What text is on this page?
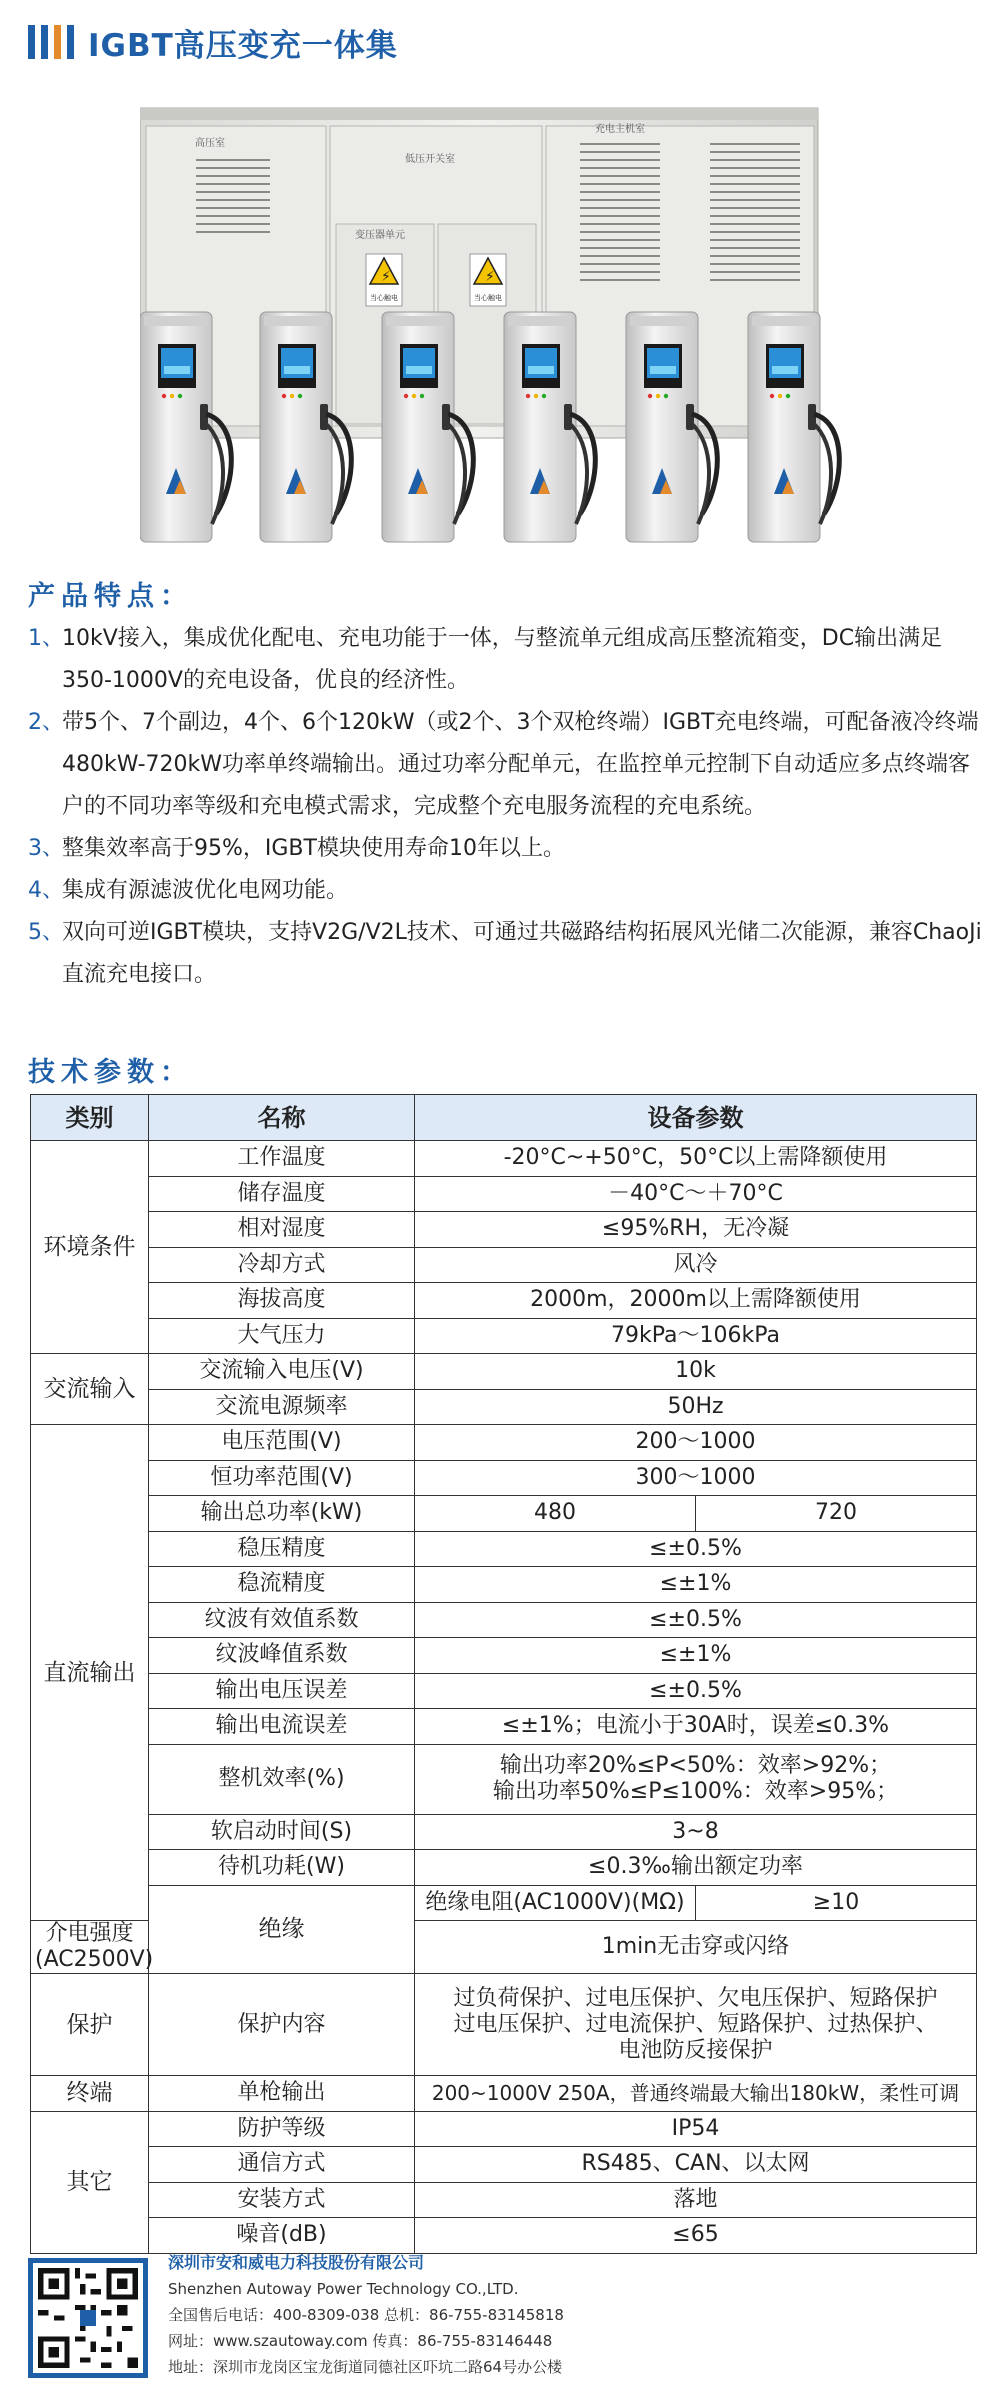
IGBT高压变充一体集
高压室
低压开关室
充电主机室
变压器单元
⚡
当心触电
⚡
当心触电
产品特点：
1、
10kV接入，集成优化配电、充电功能于一体，与整流单元组成高压整流箱变，DC输出满足350-1000V的充电设备，优良的经济性。
2、
带5个、7个副边，4个、6个120kW（或2个、3个双枪终端）IGBT充电终端，可配备液冷终端480kW-720kW功率单终端输出。通过功率分配单元，在监控单元控制下自动适应多点终端客户的不同功率等级和充电模式需求，完成整个充电服务流程的充电系统。
3、
整集效率高于95%，IGBT模块使用寿命10年以上。
4、
集成有源滤波优化电网功能。
5、
双向可逆IGBT模块，支持V2G/V2L技术、可通过共磁路结构拓展风光储二次能源，兼容ChaoJi直流充电接口。
技术参数：
类别	名称	设备参数	
环境条件	工作温度	-20°C~+50°C，50°C以上需降额使用	
	储存温度	－40°C～＋70°C	
	相对湿度	≤95%RH，无冷凝	
	冷却方式	风冷	
	海拔高度	2000m，2000m以上需降额使用	
	大气压力	79kPa～106kPa	
交流输入	交流输入电压(V)	10k	
	交流电源频率	50Hz	
直流输出	电压范围(V)	200～1000	
	恒功率范围(V)	300～1000	
	输出总功率(kW)	480	720
	稳压精度	≤±0.5%	
	稳流精度	≤±1%	
	纹波有效值系数	≤±0.5%	
	纹波峰值系数	≤±1%	
	输出电压误差	≤±0.5%	
	输出电流误差	≤±1%；电流小于30A时，误差≤0.3%	
	整机效率(%)	输出功率20%≤P<50%：效率>92%；
输出功率50%≤P≤100%：效率>95%；	

	软启动时间(S)	3~8	
	待机功耗(W)	≤0.3‰输出额定功率	
	绝缘	绝缘电阻(AC1000V)(MΩ)	≥10
介电强度(AC2500V)		1min无击穿或闪络	
保护	保护内容	过负荷保护、过电压保护、欠电压保护、短路保护
过电压保护、过电流保护、短路保护、过热保护、
电池防反接保护	

终端	单枪输出	200~1000V 250A，普通终端最大输出180kW，柔性可调	
其它	防护等级	IP54	
	通信方式	RS485、CAN、以太网	
	安装方式	落地	
	噪音(dB)	≤65	
深圳市安和威电力科技股份有限公司
Shenzhen Autoway Power Technology CO.,LTD.
全国售后电话：400-8309-038 总机：86-755-83145818
网址：www.szautoway.com 传真：86-755-83146448
地址：深圳市龙岗区宝龙街道同德社区吓坑二路64号办公楼
